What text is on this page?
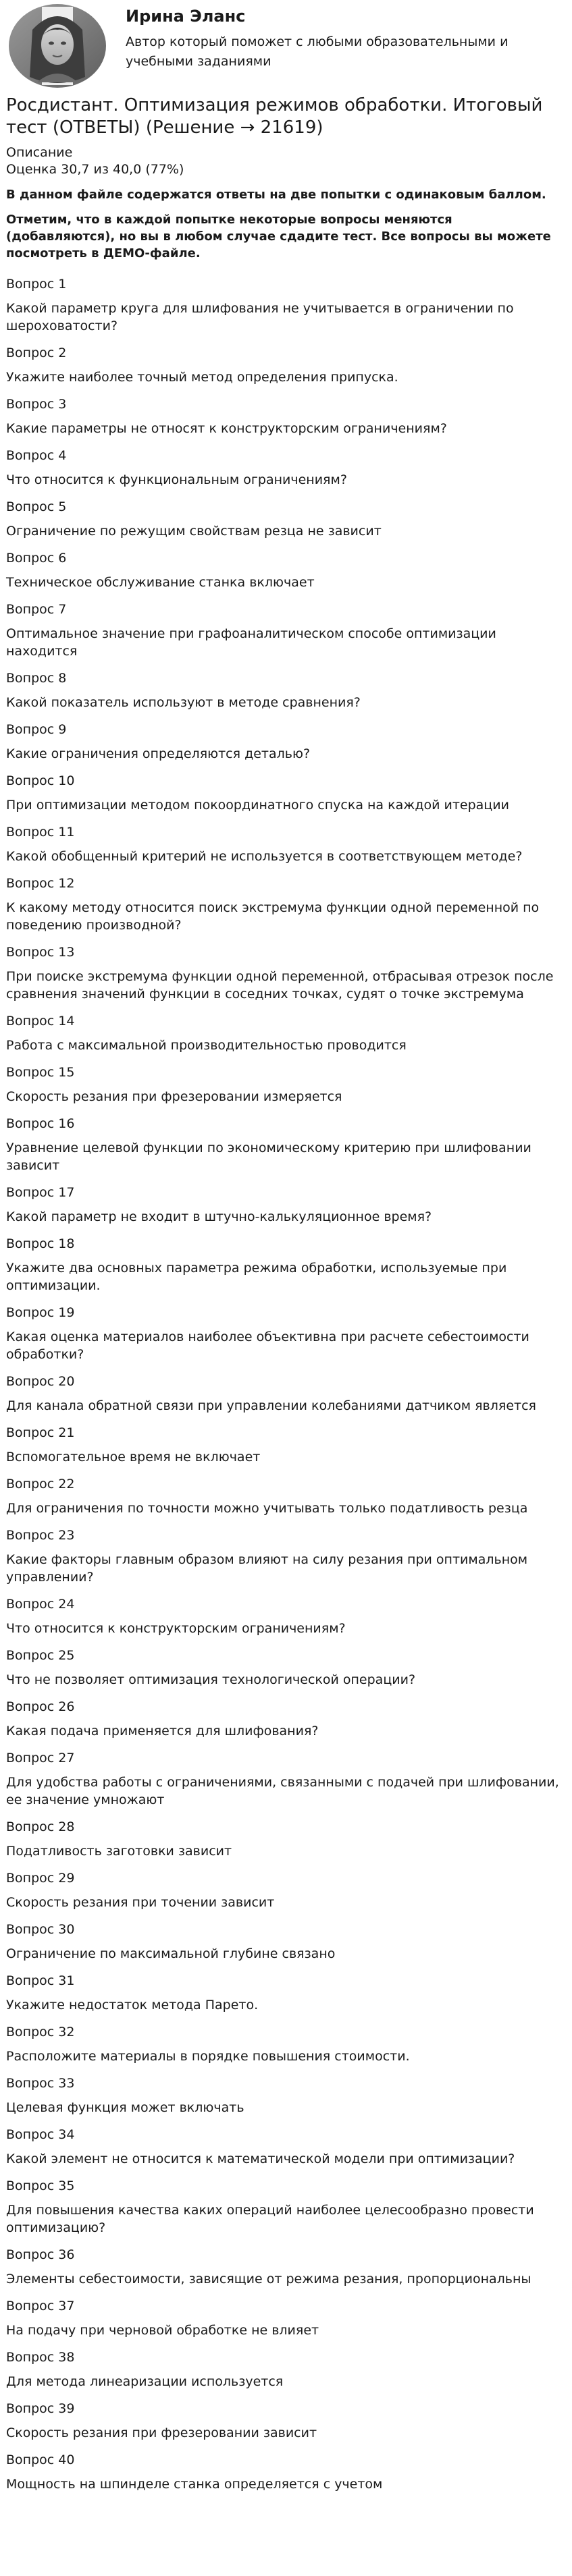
Ирина Эланс
Автор который поможет с любыми образовательными и учебными заданиями
Росдистант. Оптимизация режимов обработки. Итоговый тест (ОТВЕТЫ) (Решение → 21619)
Описание
Оценка 30,7 из 40,0 (77%)
В данном файле содержатся ответы на две попытки с одинаковым баллом.
Отметим, что в каждой попытке некоторые вопросы меняются (добавляются), но вы в любом случае сдадите тест. Все вопросы вы можете посмотреть в ДЕМО-файле.
Вопрос 1
Какой параметр круга для шлифования не учитывается в ограничении по шероховатости?
Вопрос 2
Укажите наиболее точный метод определения припуска.
Вопрос 3
Какие параметры не относят к конструкторским ограничениям?
Вопрос 4
Что относится к функциональным ограничениям?
Вопрос 5
Ограничение по режущим свойствам резца не зависит
Вопрос 6
Техническое обслуживание станка включает
Вопрос 7
Оптимальное значение при графоаналитическом способе оптимизации находится
Вопрос 8
Какой показатель используют в методе сравнения?
Вопрос 9
Какие ограничения определяются деталью?
Вопрос 10
При оптимизации методом покоординатного спуска на каждой итерации
Вопрос 11
Какой обобщенный критерий не используется в соответствующем методе?
Вопрос 12
К какому методу относится поиск экстремума функции одной переменной по поведению производной?
Вопрос 13
При поиске экстремума функции одной переменной, отбрасывая отрезок после сравнения значений функции в соседних точках, судят о точке экстремума
Вопрос 14
Работа с максимальной производительностью проводится
Вопрос 15
Скорость резания при фрезеровании измеряется
Вопрос 16
Уравнение целевой функции по экономическому критерию при шлифовании зависит
Вопрос 17
Какой параметр не входит в штучно-калькуляционное время?
Вопрос 18
Укажите два основных параметра режима обработки, используемые при оптимизации.
Вопрос 19
Какая оценка материалов наиболее объективна при расчете себестоимости обработки?
Вопрос 20
Для канала обратной связи при управлении колебаниями датчиком является
Вопрос 21
Вспомогательное время не включает
Вопрос 22
Для ограничения по точности можно учитывать только податливость резца
Вопрос 23
Какие факторы главным образом влияют на силу резания при оптимальном управлении?
Вопрос 24
Что относится к конструкторским ограничениям?
Вопрос 25
Что не позволяет оптимизация технологической операции?
Вопрос 26
Какая подача применяется для шлифования?
Вопрос 27
Для удобства работы с ограничениями, связанными с подачей при шлифовании, ее значение умножают
Вопрос 28
Податливость заготовки зависит
Вопрос 29
Скорость резания при точении зависит
Вопрос 30
Ограничение по максимальной глубине связано
Вопрос 31
Укажите недостаток метода Парето.
Вопрос 32
Расположите материалы в порядке повышения стоимости.
Вопрос 33
Целевая функция может включать
Вопрос 34
Какой элемент не относится к математической модели при оптимизации?
Вопрос 35
Для повышения качества каких операций наиболее целесообразно провести оптимизацию?
Вопрос 36
Элементы себестоимости, зависящие от режима резания, пропорциональны
Вопрос 37
На подачу при черновой обработке не влияет
Вопрос 38
Для метода линеаризации используется
Вопрос 39
Скорость резания при фрезеровании зависит
Вопрос 40
Мощность на шпинделе станка определяется с учетом
